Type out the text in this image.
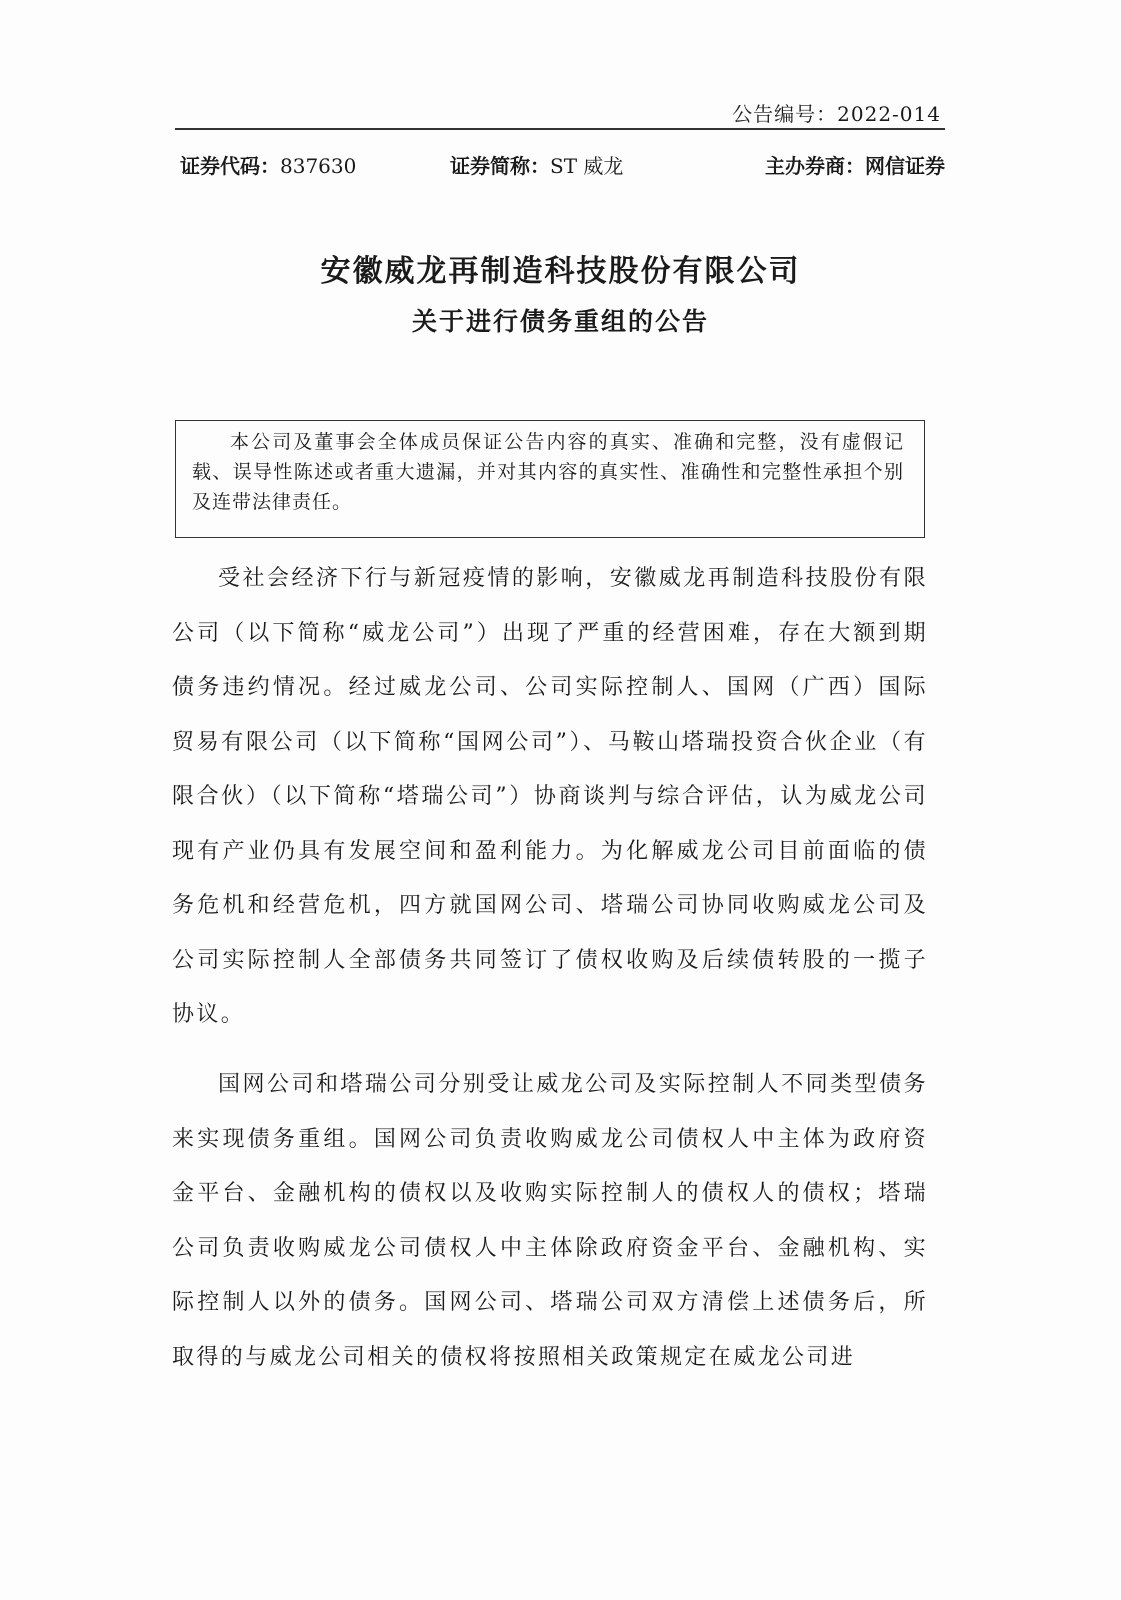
公告编号：2022-014
证券代码：837630	证券简称：ST 威龙	主办券商：网信证券
安徽威龙再制造科技股份有限公司
关于进行债务重组的公告
本公司及董事会全体成员保证公告内容的真实、准确和完整，没有虚假记载、误导性陈述或者重大遗漏，并对其内容的真实性、准确性和完整性承担个别及连带法律责任。
受社会经济下行与新冠疫情的影响，安徽威龙再制造科技股份有限公司（以下简称“威龙公司”）出现了严重的经营困难，存在大额到期债务违约情况。经过威龙公司、公司实际控制人、国网（广西）国际贸易有限公司（以下简称“国网公司”）、马鞍山塔瑞投资合伙企业（有限合伙）（以下简称“塔瑞公司”）协商谈判与综合评估，认为威龙公司现有产业仍具有发展空间和盈利能力。为化解威龙公司目前面临的债务危机和经营危机，四方就国网公司、塔瑞公司协同收购威龙公司及公司实际控制人全部债务共同签订了债权收购及后续债转股的一揽子协议。
国网公司和塔瑞公司分别受让威龙公司及实际控制人不同类型债务来实现债务重组。国网公司负责收购威龙公司债权人中主体为政府资金平台、金融机构的债权以及收购实际控制人的债权人的债权；塔瑞公司负责收购威龙公司债权人中主体除政府资金平台、金融机构、实际控制人以外的债务。国网公司、塔瑞公司双方清偿上述债务后，所取得的与威龙公司相关的债权将按照相关政策规定在威龙公司进
